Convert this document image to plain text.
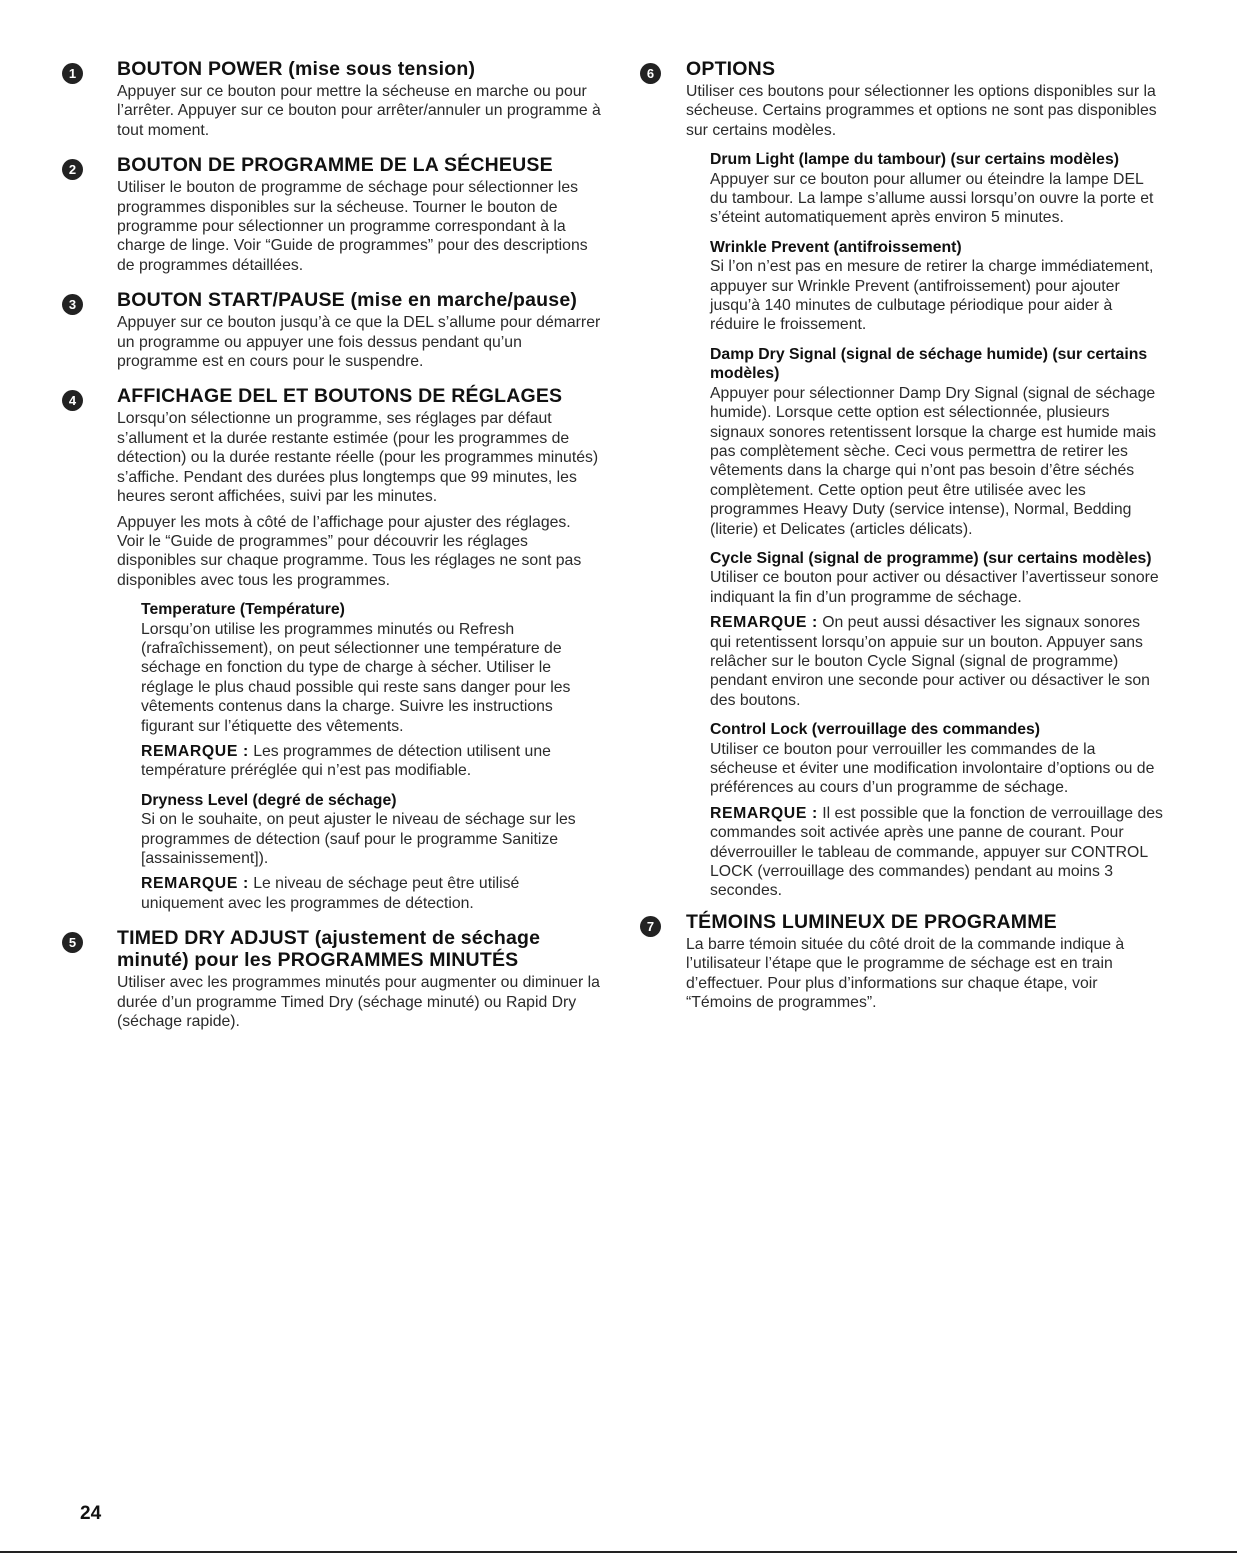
1	BOUTON POWER (mise sous tension)
Appuyer sur ce bouton pour mettre la sécheuse en marche ou pour l’arrêter. Appuyer sur ce bouton pour arrêter/annuler un programme à tout moment.
2	BOUTON DE PROGRAMME DE LA SÉCHEUSE
Utiliser le bouton de programme de séchage pour sélectionner les programmes disponibles sur la sécheuse. Tourner le bouton de programme pour sélectionner un programme correspondant à la charge de linge. Voir “Guide de programmes” pour des descriptions de programmes détaillées.
3	BOUTON START/PAUSE (mise en marche/pause)
Appuyer sur ce bouton jusqu’à ce que la DEL s’allume pour démarrer un programme ou appuyer une fois dessus pendant qu’un programme est en cours pour le suspendre.
4	AFFICHAGE DEL ET BOUTONS DE RÉGLAGES
Lorsqu’on sélectionne un programme, ses réglages par défaut s’allument et la durée restante estimée (pour les programmes de détection) ou la durée restante réelle (pour les programmes minutés) s’affiche. Pendant des durées plus longtemps que 99 minutes, les heures seront affichées, suivi par les minutes.
Appuyer les mots à côté de l’affichage pour ajuster des réglages. Voir le “Guide de programmes” pour découvrir les réglages disponibles sur chaque programme. Tous les réglages ne sont pas disponibles avec tous les programmes.
Temperature (Température)
Lorsqu’on utilise les programmes minutés ou Refresh (rafraîchissement), on peut sélectionner une température de séchage en fonction du type de charge à sécher. Utiliser le réglage le plus chaud possible qui reste sans danger pour les vêtements contenus dans la charge. Suivre les instructions figurant sur l’étiquette des vêtements.
REMARQUE : Les programmes de détection utilisent une température préréglée qui n’est pas modifiable.
Dryness Level (degré de séchage)
Si on le souhaite, on peut ajuster le niveau de séchage sur les programmes de détection (sauf pour le programme Sanitize [assainissement]).
REMARQUE : Le niveau de séchage peut être utilisé uniquement avec les programmes de détection.
5	TIMED DRY ADJUST (ajustement de séchage minuté) pour les PROGRAMMES MINUTÉS
Utiliser avec les programmes minutés pour augmenter ou diminuer la durée d’un programme Timed Dry (séchage minuté) ou Rapid Dry (séchage rapide).
6	OPTIONS
Utiliser ces boutons pour sélectionner les options disponibles sur la sécheuse. Certains programmes et options ne sont pas disponibles sur certains modèles.
Drum Light (lampe du tambour) (sur certains modèles)
Appuyer sur ce bouton pour allumer ou éteindre la lampe DEL du tambour. La lampe s’allume aussi lorsqu’on ouvre la porte et s’éteint automatiquement après environ 5 minutes.
Wrinkle Prevent (antifroissement)
Si l’on n’est pas en mesure de retirer la charge immédiatement, appuyer sur Wrinkle Prevent (antifroissement) pour ajouter jusqu’à 140 minutes de culbutage périodique pour aider à réduire le froissement.
Damp Dry Signal (signal de séchage humide) (sur certains modèles)
Appuyer pour sélectionner Damp Dry Signal (signal de séchage humide). Lorsque cette option est sélectionnée, plusieurs signaux sonores retentissent lorsque la charge est humide mais pas complètement sèche. Ceci vous permettra de retirer les vêtements dans la charge qui n’ont pas besoin d’être séchés complètement. Cette option peut être utilisée avec les programmes Heavy Duty (service intense), Normal, Bedding (literie) et Delicates (articles délicats).
Cycle Signal (signal de programme) (sur certains modèles)
Utiliser ce bouton pour activer ou désactiver l’avertisseur sonore indiquant la fin d’un programme de séchage.
REMARQUE : On peut aussi désactiver les signaux sonores qui retentissent lorsqu’on appuie sur un bouton. Appuyer sans relâcher sur le bouton Cycle Signal (signal de programme) pendant environ une seconde pour activer ou désactiver le son des boutons.
Control Lock (verrouillage des commandes)
Utiliser ce bouton pour verrouiller les commandes de la sécheuse et éviter une modification involontaire d’options ou de préférences au cours d’un programme de séchage.
REMARQUE : Il est possible que la fonction de verrouillage des commandes soit activée après une panne de courant. Pour déverrouiller le tableau de commande, appuyer sur CONTROL LOCK (verrouillage des commandes) pendant au moins 3 secondes.
7	TÉMOINS LUMINEUX DE PROGRAMME
La barre témoin située du côté droit de la commande indique à l’utilisateur l’étape que le programme de séchage est en train d’effectuer. Pour plus d’informations sur chaque étape, voir “Témoins de programmes”.
24
